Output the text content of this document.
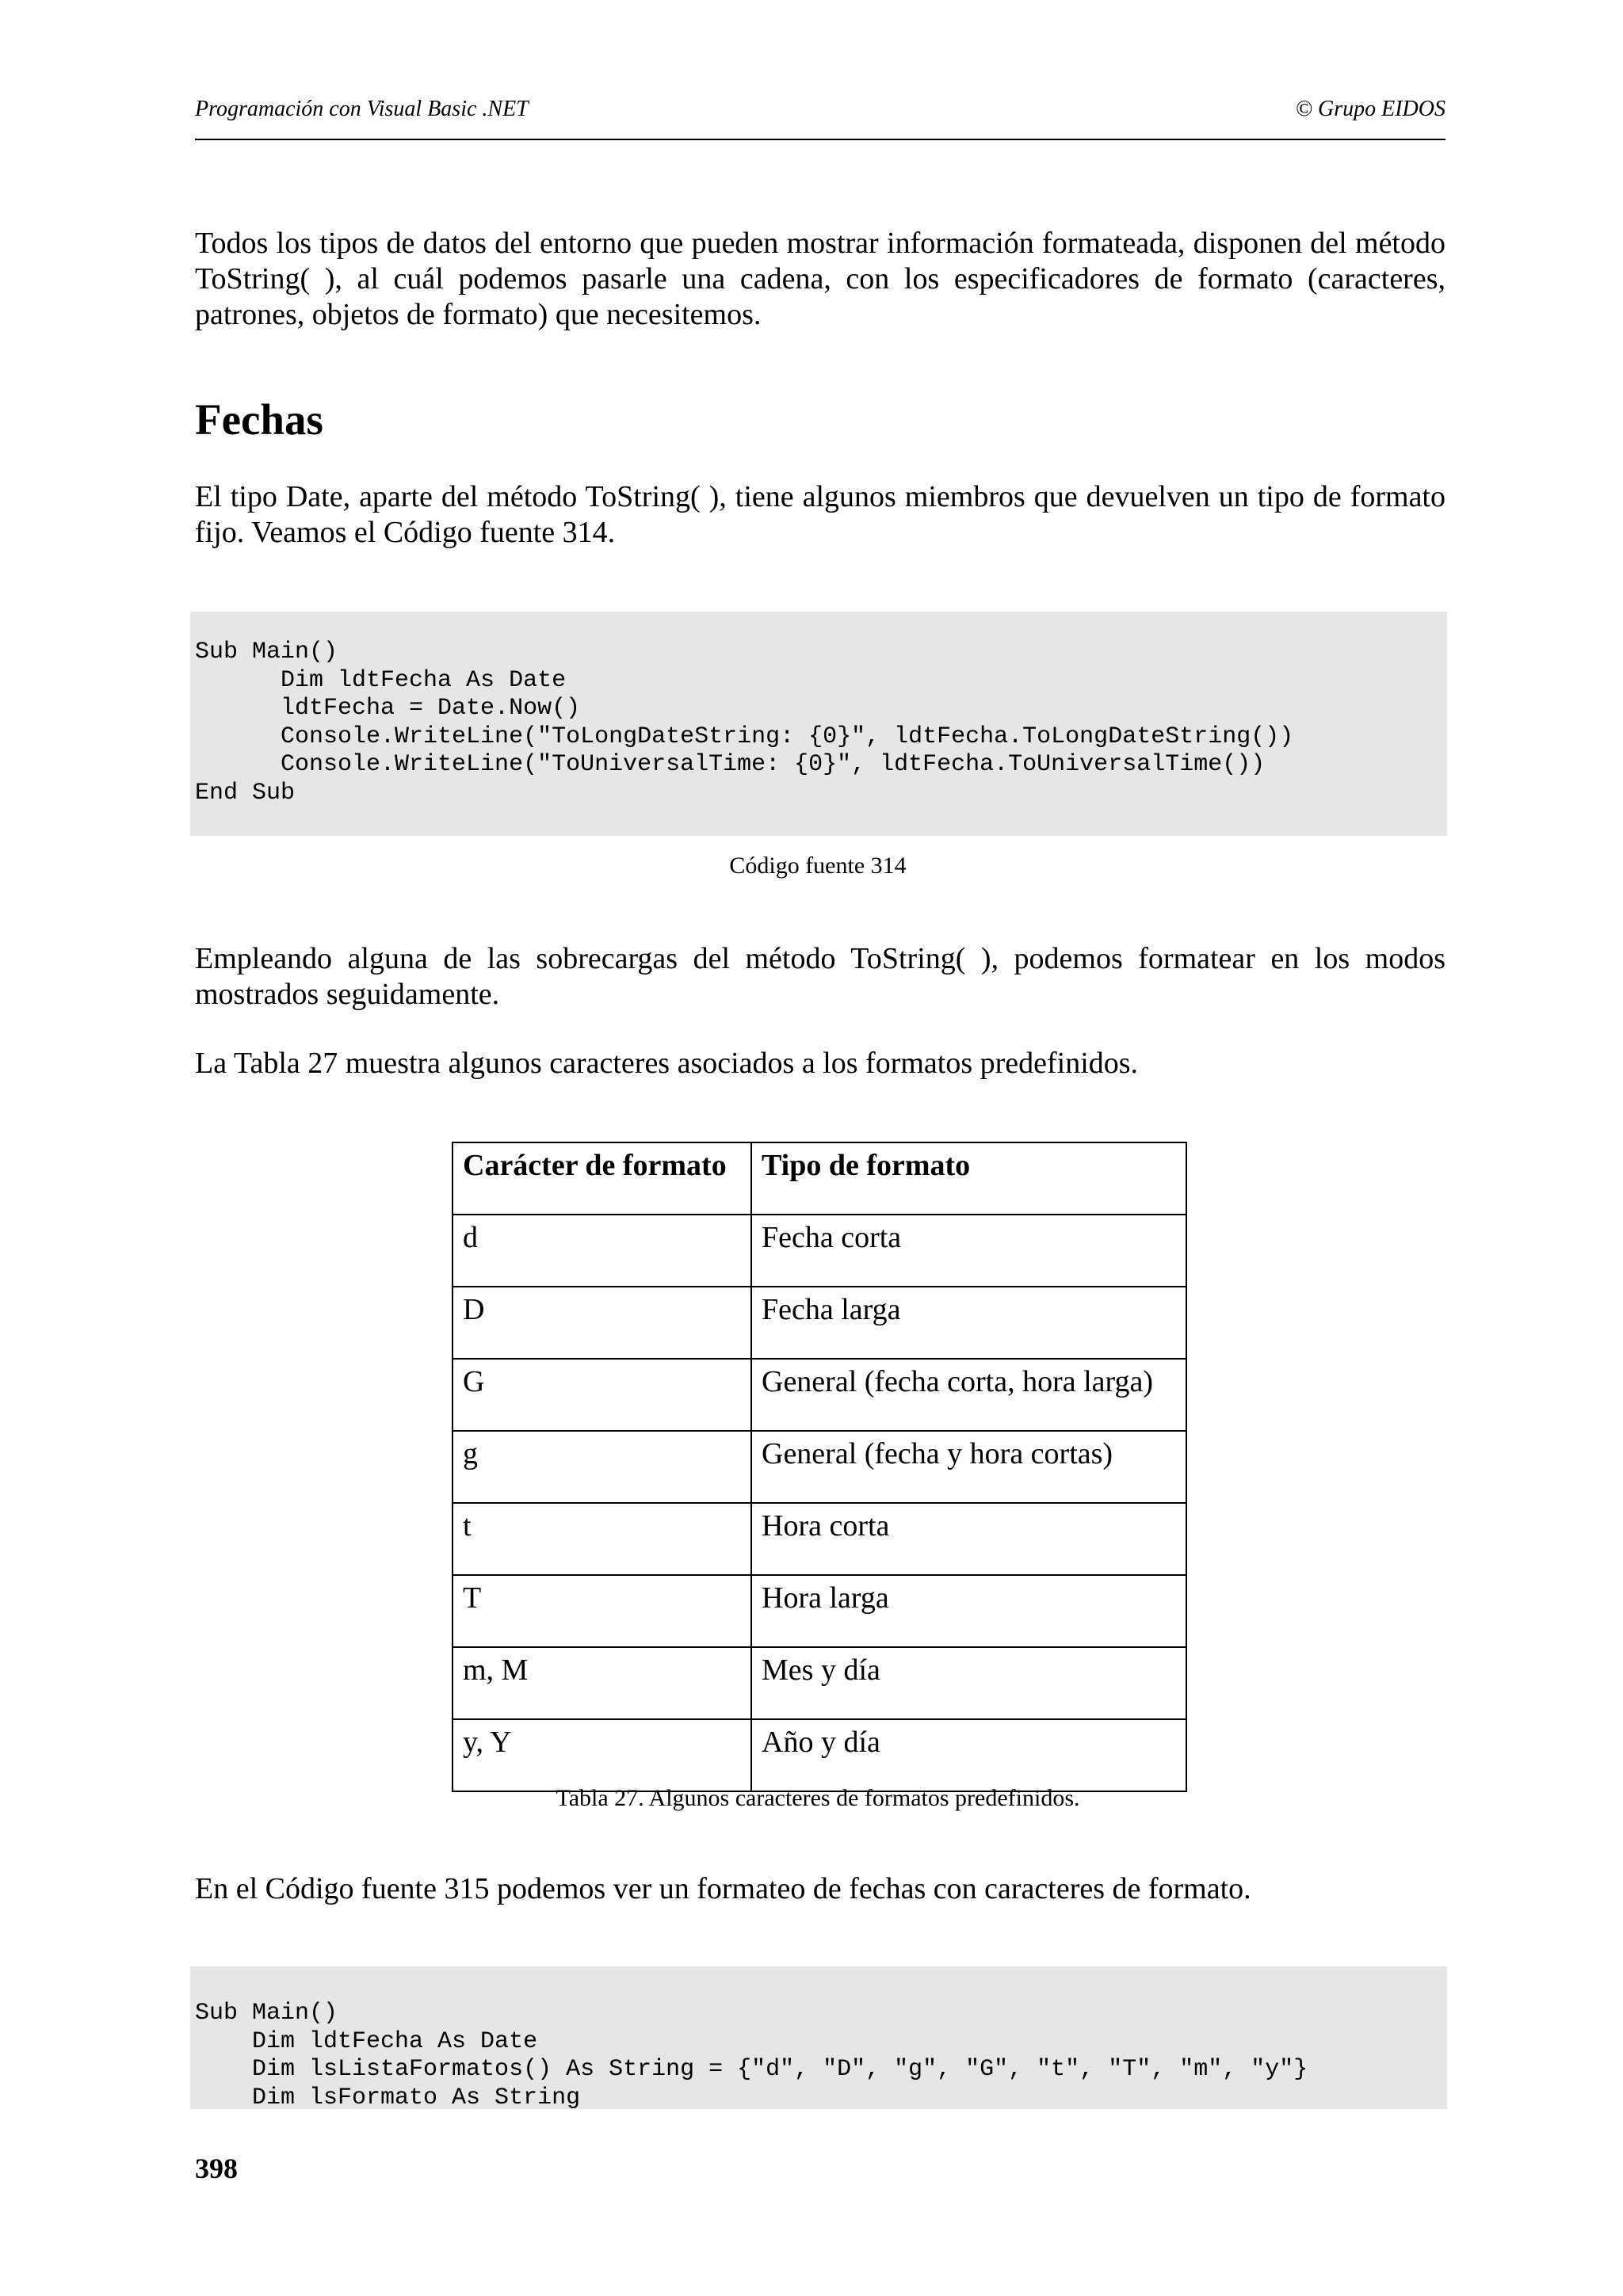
Programación con Visual Basic .NET	© Grupo EIDOS

Todos los tipos de datos del entorno que pueden mostrar información formateada, disponen del método ToString( ), al cuál podemos pasarle una cadena, con los especificadores de formato (caracteres, patrones, objetos de formato) que necesitemos.

Fechas

El tipo Date, aparte del método ToString( ), tiene algunos miembros que devuelven un tipo de formato fijo. Veamos el Código fuente 314.

Sub Main()
Dim ldtFecha As Date
ldtFecha = Date.Now()
Console.WriteLine("ToLongDateString: {0}", ldtFecha.ToLongDateString())
Console.WriteLine("ToUniversalTime: {0}", ldtFecha.ToUniversalTime())
End Sub

Código fuente 314

Empleando alguna de las sobrecargas del método ToString( ), podemos formatear en los modos mostrados seguidamente.

La Tabla 27 muestra algunos caracteres asociados a los formatos predefinidos.

Carácter de formato	Tipo de formato
d	Fecha corta
D	Fecha larga
G	General (fecha corta, hora larga)
g	General (fecha y hora cortas)
t	Hora corta
T	Hora larga
m, M	Mes y día
y, Y	Año y día

Tabla 27. Algunos caracteres de formatos predefinidos.

En el Código fuente 315 podemos ver un formateo de fechas con caracteres de formato.

Sub Main()
Dim ldtFecha As Date
Dim lsListaFormatos() As String = {"d", "D", "g", "G", "t", "T", "m", "y"}
Dim lsFormato As String

398
